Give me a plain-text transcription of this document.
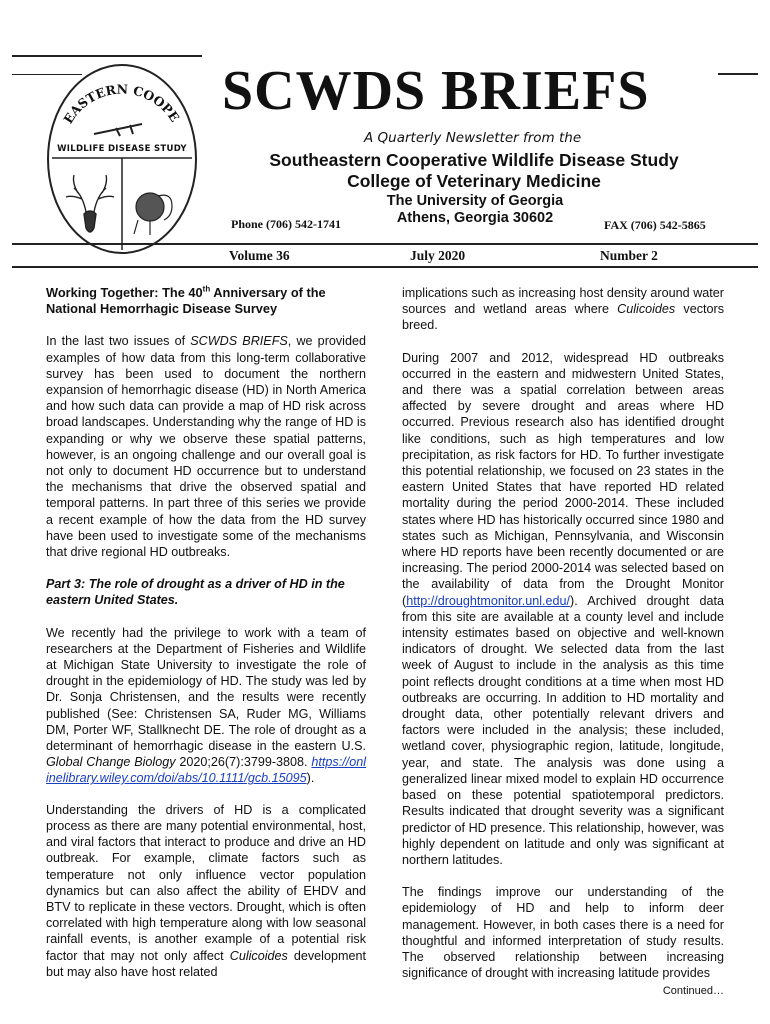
EASTERN COOPE
WILDLIFE DISEASE STUDY
SCWDS BRIEFS
A Quarterly Newsletter from the
Southeastern Cooperative Wildlife Disease Study
College of Veterinary Medicine
The University of Georgia
Athens, Georgia 30602
Phone (706) 542-1741	FAX (706) 542-5865
Volume 36	July 2020	Number 2
Working Together: The 40th Anniversary of the National Hemorrhagic Disease Survey

In the last two issues of SCWDS BRIEFS, we provided examples of how data from this long-term collaborative survey has been used to document the northern expansion of hemorrhagic disease (HD) in North America and how such data can provide a map of HD risk across broad landscapes. Understanding why the range of HD is expanding or why we observe these spatial patterns, however, is an ongoing challenge and our overall goal is not only to document HD occurrence but to understand the mechanisms that drive the observed spatial and temporal patterns. In part three of this series we provide a recent example of how the data from the HD survey have been used to investigate some of the mechanisms that drive regional HD outbreaks.

Part 3: The role of drought as a driver of HD in the eastern United States.

We recently had the privilege to work with a team of researchers at the Department of Fisheries and Wildlife at Michigan State University to investigate the role of drought in the epidemiology of HD. The study was led by Dr. Sonja Christensen, and the results were recently published (See: Christensen SA, Ruder MG, Williams DM, Porter WF, Stallknecht DE. The role of drought as a determinant of hemorrhagic disease in the eastern U.S. Global Change Biology 2020;26(7):3799-3808. https://onlinelibrary.wiley.com/doi/abs/10.1111/gcb.15095).

Understanding the drivers of HD is a complicated process as there are many potential environmental, host, and viral factors that interact to produce and drive an HD outbreak. For example, climate factors such as temperature not only influence vector population dynamics but can also affect the ability of EHDV and BTV to replicate in these vectors. Drought, which is often correlated with high temperature along with low seasonal rainfall events, is another example of a potential risk factor that may not only affect Culicoides development but may also have host related

implications such as increasing host density around water sources and wetland areas where Culicoides vectors breed.

During 2007 and 2012, widespread HD outbreaks occurred in the eastern and midwestern United States, and there was a spatial correlation between areas affected by severe drought and areas where HD occurred. Previous research also has identified drought like conditions, such as high temperatures and low precipitation, as risk factors for HD. To further investigate this potential relationship, we focused on 23 states in the eastern United States that have reported HD related mortality during the period 2000-2014. These included states where HD has historically occurred since 1980 and states such as Michigan, Pennsylvania, and Wisconsin where HD reports have been recently documented or are increasing. The period 2000-2014 was selected based on the availability of data from the Drought Monitor (http://droughtmonitor.unl.edu/). Archived drought data from this site are available at a county level and include intensity estimates based on objective and well-known indicators of drought. We selected data from the last week of August to include in the analysis as this time point reflects drought conditions at a time when most HD outbreaks are occurring. In addition to HD mortality and drought data, other potentially relevant drivers and factors were included in the analysis; these included, wetland cover, physiographic region, latitude, longitude, year, and state. The analysis was done using a generalized linear mixed model to explain HD occurrence based on these potential spatiotemporal predictors. Results indicated that drought severity was a significant predictor of HD presence. This relationship, however, was highly dependent on latitude and only was significant at northern latitudes.

The findings improve our understanding of the epidemiology of HD and help to inform deer management. However, in both cases there is a need for thoughtful and informed interpretation of study results. The observed relationship between increasing significance of drought with increasing latitude provides

Continued…
